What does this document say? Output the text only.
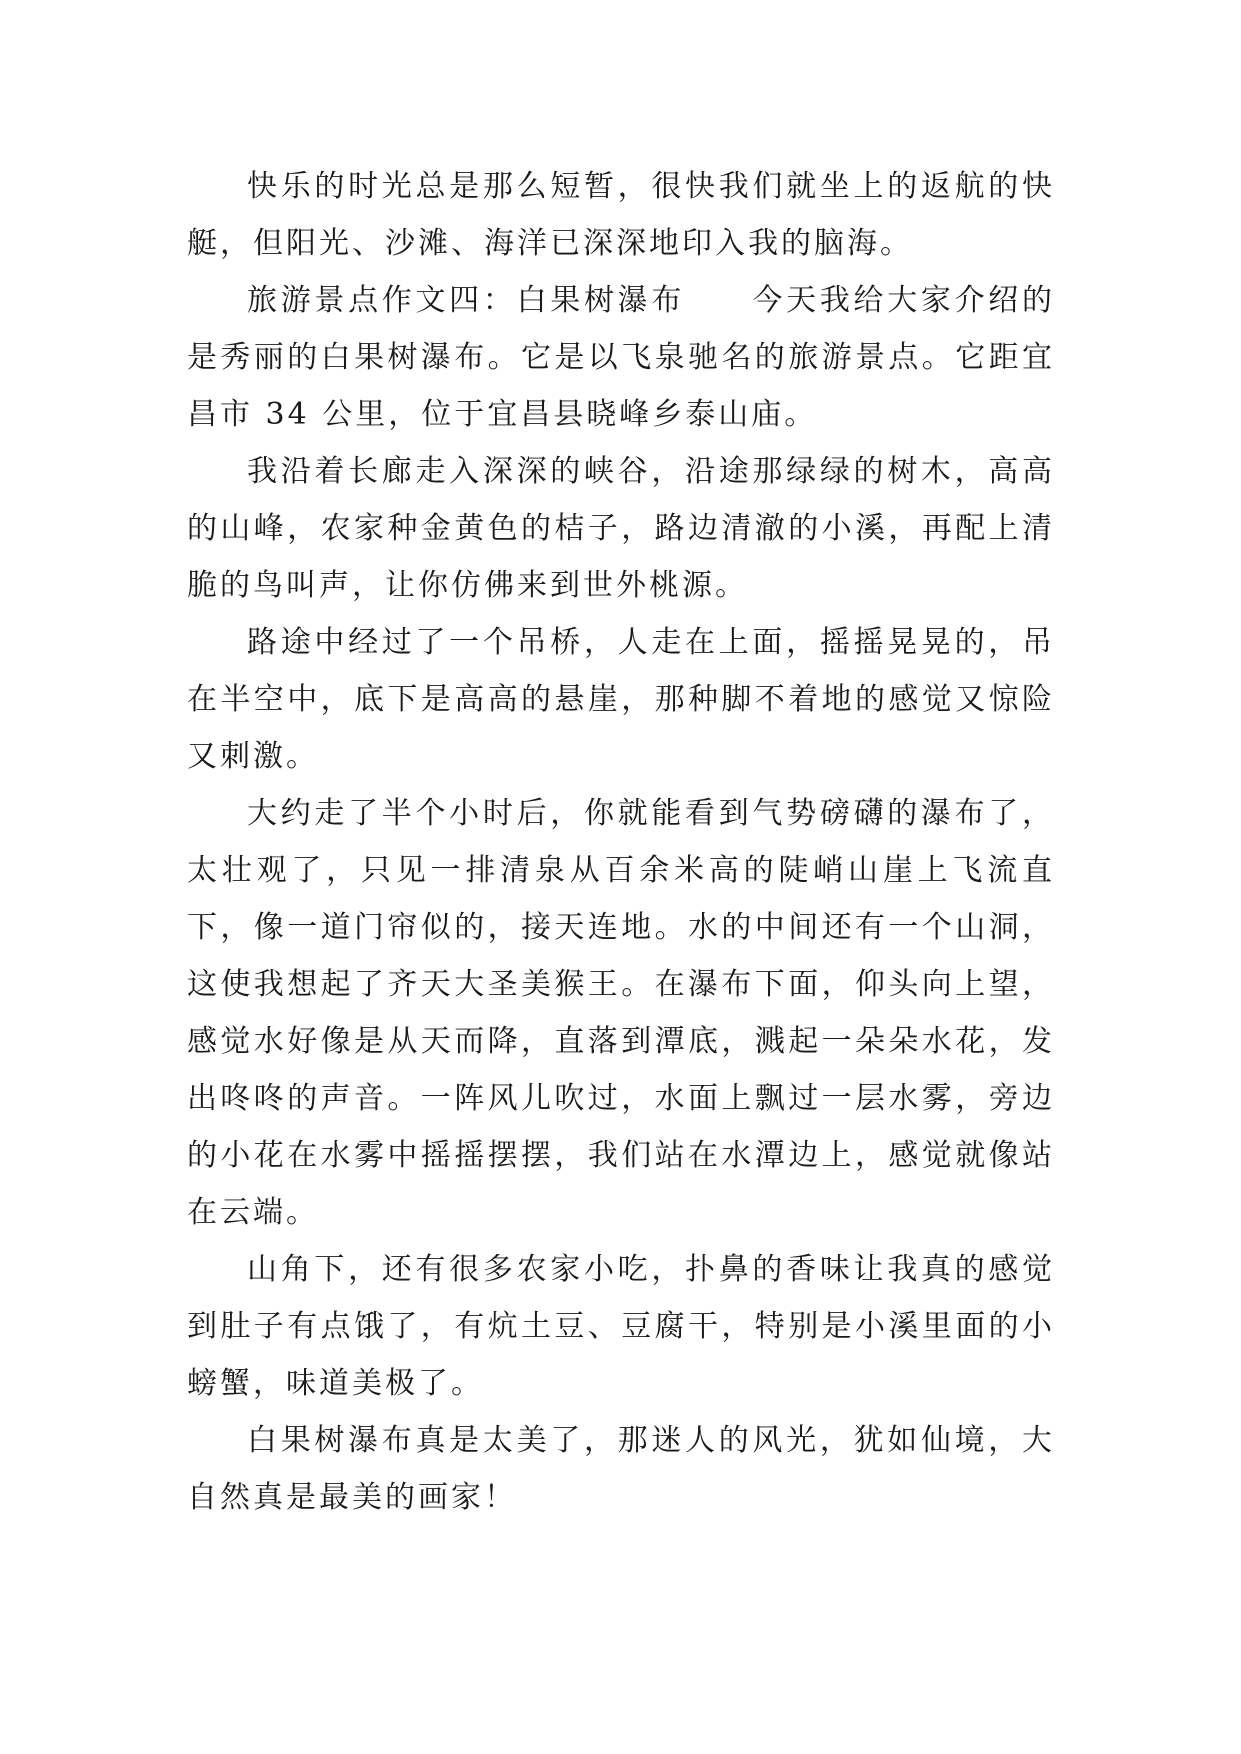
快乐的时光总是那么短暂，很快我们就坐上的返航的快艇，但阳光、沙滩、海洋已深深地印入我的脑海。

旅游景点作文四：白果树瀑布　　今天我给大家介绍的是秀丽的白果树瀑布。它是以飞泉驰名的旅游景点。它距宜昌市 34 公里，位于宜昌县晓峰乡泰山庙。

我沿着长廊走入深深的峡谷，沿途那绿绿的树木，高高的山峰，农家种金黄色的桔子，路边清澈的小溪，再配上清脆的鸟叫声，让你仿佛来到世外桃源。

路途中经过了一个吊桥，人走在上面，摇摇晃晃的，吊在半空中，底下是高高的悬崖，那种脚不着地的感觉又惊险又刺激。

大约走了半个小时后，你就能看到气势磅礴的瀑布了，太壮观了，只见一排清泉从百余米高的陡峭山崖上飞流直下，像一道门帘似的，接天连地。水的中间还有一个山洞，这使我想起了齐天大圣美猴王。在瀑布下面，仰头向上望，感觉水好像是从天而降，直落到潭底，溅起一朵朵水花，发出咚咚的声音。一阵风儿吹过，水面上飘过一层水雾，旁边的小花在水雾中摇摇摆摆，我们站在水潭边上，感觉就像站在云端。

山角下，还有很多农家小吃，扑鼻的香味让我真的感觉到肚子有点饿了，有炕土豆、豆腐干，特别是小溪里面的小螃蟹，味道美极了。

白果树瀑布真是太美了，那迷人的风光，犹如仙境，大自然真是最美的画家！
